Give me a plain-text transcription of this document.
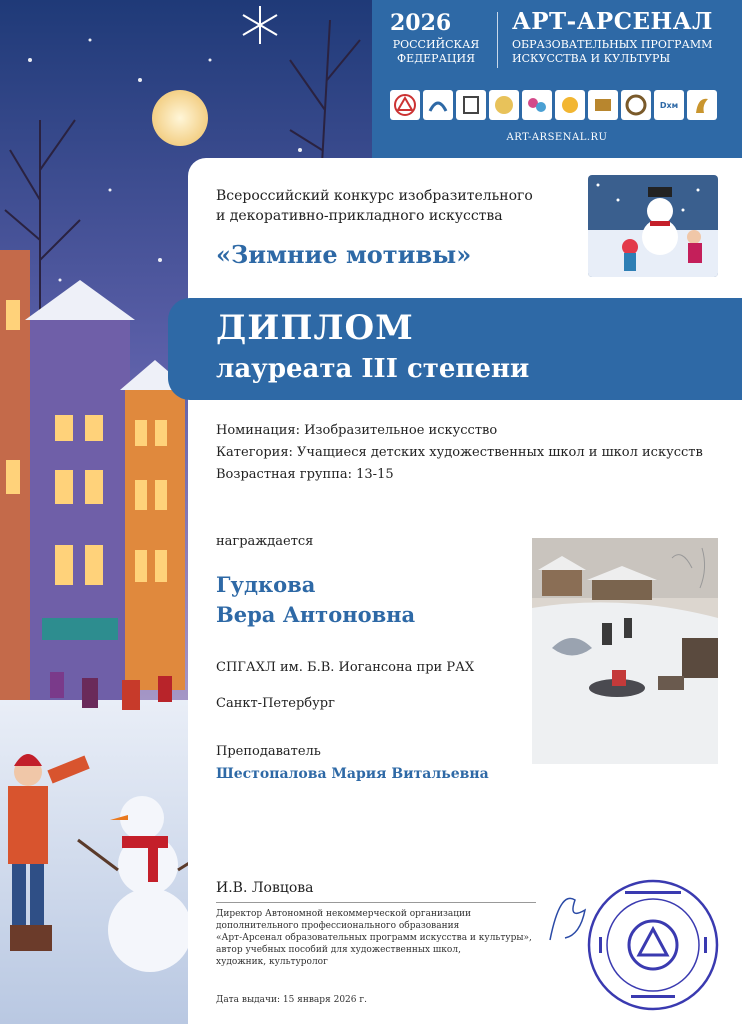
2026
РОССИЙСКАЯ
ФЕДЕРАЦИЯ
АРТ-АРСЕНАЛ
ОБРАЗОВАТЕЛЬНЫХ ПРОГРАММ
ИСКУССТВА И КУЛЬТУРЫ
Dхм
ART-ARSENAL.RU
Всероссийский конкурс изобразительного
и декоративно-прикладного искусства
«Зимние мотивы»
ДИПЛОМ
лауреата III степени
Номинация: Изобразительное искусство
Категория: Учащиеся детских художественных школ и школ искусств
Возрастная группа: 13-15
награждается
Гудкова
Вера Антоновна
СПГАХЛ им. Б.В. Иогансона при РАХ
Санкт-Петербург
Преподаватель
Шестопалова Мария Витальевна
И.В. Ловцова
Директор Автономной некоммерческой организации
дополнительного профессионального образования
«Арт-Арсенал образовательных программ искусства и культуры»,
автор учебных пособий для художественных школ,
художник, культуролог
Дата выдачи: 15 января 2026 г.
